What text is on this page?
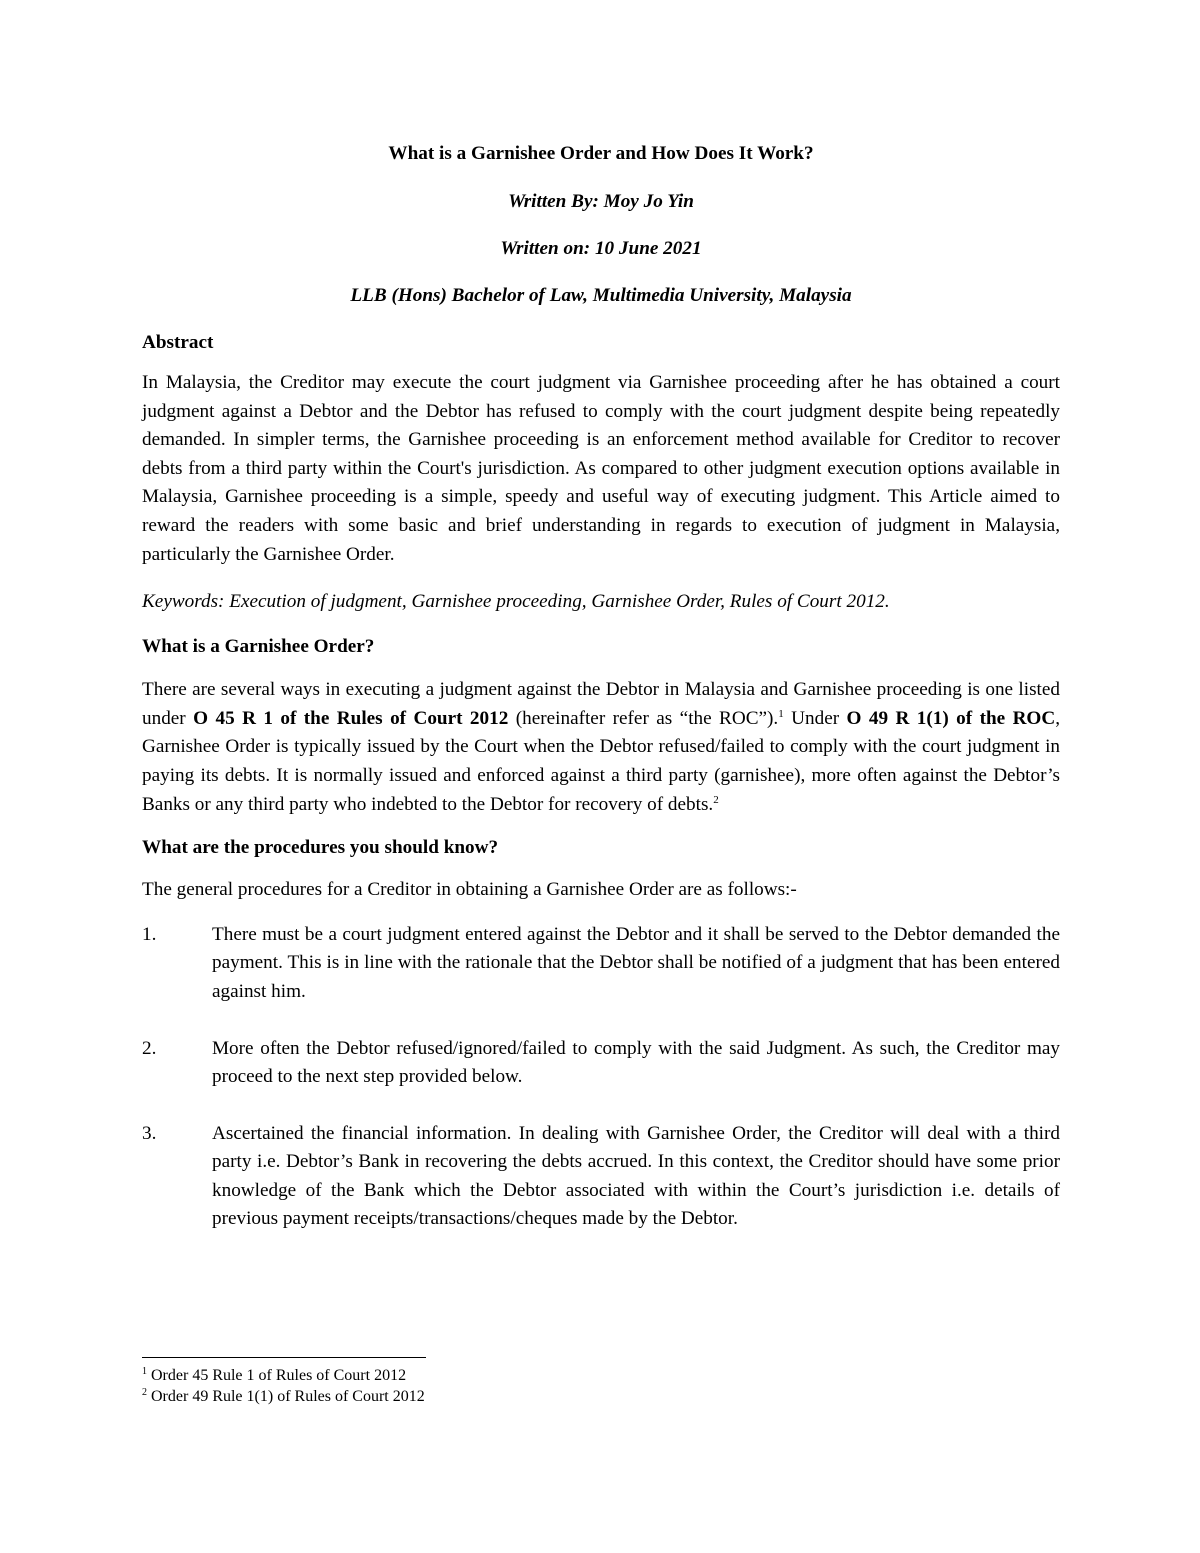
What is a Garnishee Order and How Does It Work?

Written By: Moy Jo Yin

Written on: 10 June 2021

LLB (Hons) Bachelor of Law, Multimedia University, Malaysia

Abstract

In Malaysia, the Creditor may execute the court judgment via Garnishee proceeding after he has obtained a court judgment against a Debtor and the Debtor has refused to comply with the court judgment despite being repeatedly demanded. In simpler terms, the Garnishee proceeding is an enforcement method available for Creditor to recover debts from a third party within the Court's jurisdiction. As compared to other judgment execution options available in Malaysia, Garnishee proceeding is a simple, speedy and useful way of executing judgment. This Article aimed to reward the readers with some basic and brief understanding in regards to execution of judgment in Malaysia, particularly the Garnishee Order.

Keywords: Execution of judgment, Garnishee proceeding, Garnishee Order, Rules of Court 2012.

What is a Garnishee Order?

There are several ways in executing a judgment against the Debtor in Malaysia and Garnishee proceeding is one listed under O 45 R 1 of the Rules of Court 2012 (hereinafter refer as “the ROC”).$^1$ Under O 49 R 1(1) of the ROC, Garnishee Order is typically issued by the Court when the Debtor refused/failed to comply with the court judgment in paying its debts. It is normally issued and enforced against a third party (garnishee), more often against the Debtor’s Banks or any third party who indebted to the Debtor for recovery of debts.$^2$

What are the procedures you should know?

The general procedures for a Creditor in obtaining a Garnishee Order are as follows:-

1.	There must be a court judgment entered against the Debtor and it shall be served to the Debtor demanded the payment. This is in line with the rationale that the Debtor shall be notified of a judgment that has been entered against him.
2.	More often the Debtor refused/ignored/failed to comply with the said Judgment. As such, the Creditor may proceed to the next step provided below.
3.	Ascertained the financial information. In dealing with Garnishee Order, the Creditor will deal with a third party i.e. Debtor’s Bank in recovering the debts accrued. In this context, the Creditor should have some prior knowledge of the Bank which the Debtor associated with within the Court’s jurisdiction i.e. details of previous payment receipts/transactions/cheques made by the Debtor.
$^1$ Order 45 Rule 1 of Rules of Court 2012
$^2$ Order 49 Rule 1(1) of Rules of Court 2012
